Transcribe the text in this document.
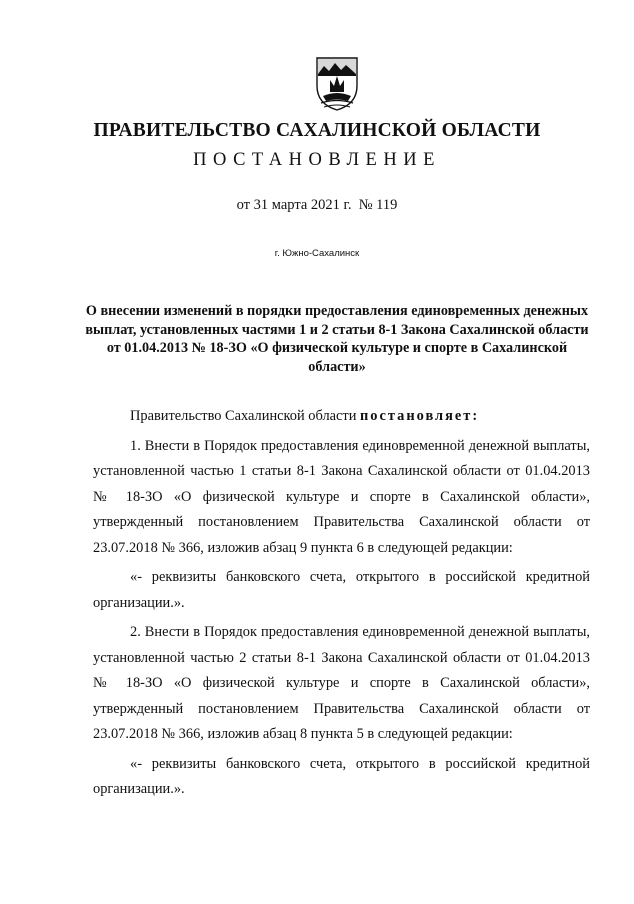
ПРАВИТЕЛЬСТВО САХАЛИНСКОЙ ОБЛАСТИ
ПОСТАНОВЛЕНИЕ
от 31 марта 2021 г.  № 119
г. Южно-Сахалинск
О внесении изменений в порядки предоставления единовременных денежных выплат, установленных частями 1 и 2 статьи 8-1 Закона Сахалинской области от 01.04.2013 № 18-ЗО «О физической культуре и спорте в Сахалинской области»

Правительство Сахалинской области постановляет:

1. Внести в Порядок предоставления единовременной денежной выплаты, установленной частью 1 статьи 8-1 Закона Сахалинской области от 01.04.2013 № 18-ЗО «О физической культуре и спорте в Сахалинской области», утвержденный постановлением Правительства Сахалинской области от 23.07.2018 № 366, изложив абзац 9 пункта 6 в следующей редакции:

«- реквизиты банковского счета, открытого в российской кредитной организации.».

2. Внести в Порядок предоставления единовременной денежной выплаты, установленной частью 2 статьи 8-1 Закона Сахалинской области от 01.04.2013 № 18-ЗО «О физической культуре и спорте в Сахалинской области», утвержденный постановлением Правительства Сахалинской области от 23.07.2018 № 366, изложив абзац 8 пункта 5 в следующей редакции:

«- реквизиты банковского счета, открытого в российской кредитной организации.».
